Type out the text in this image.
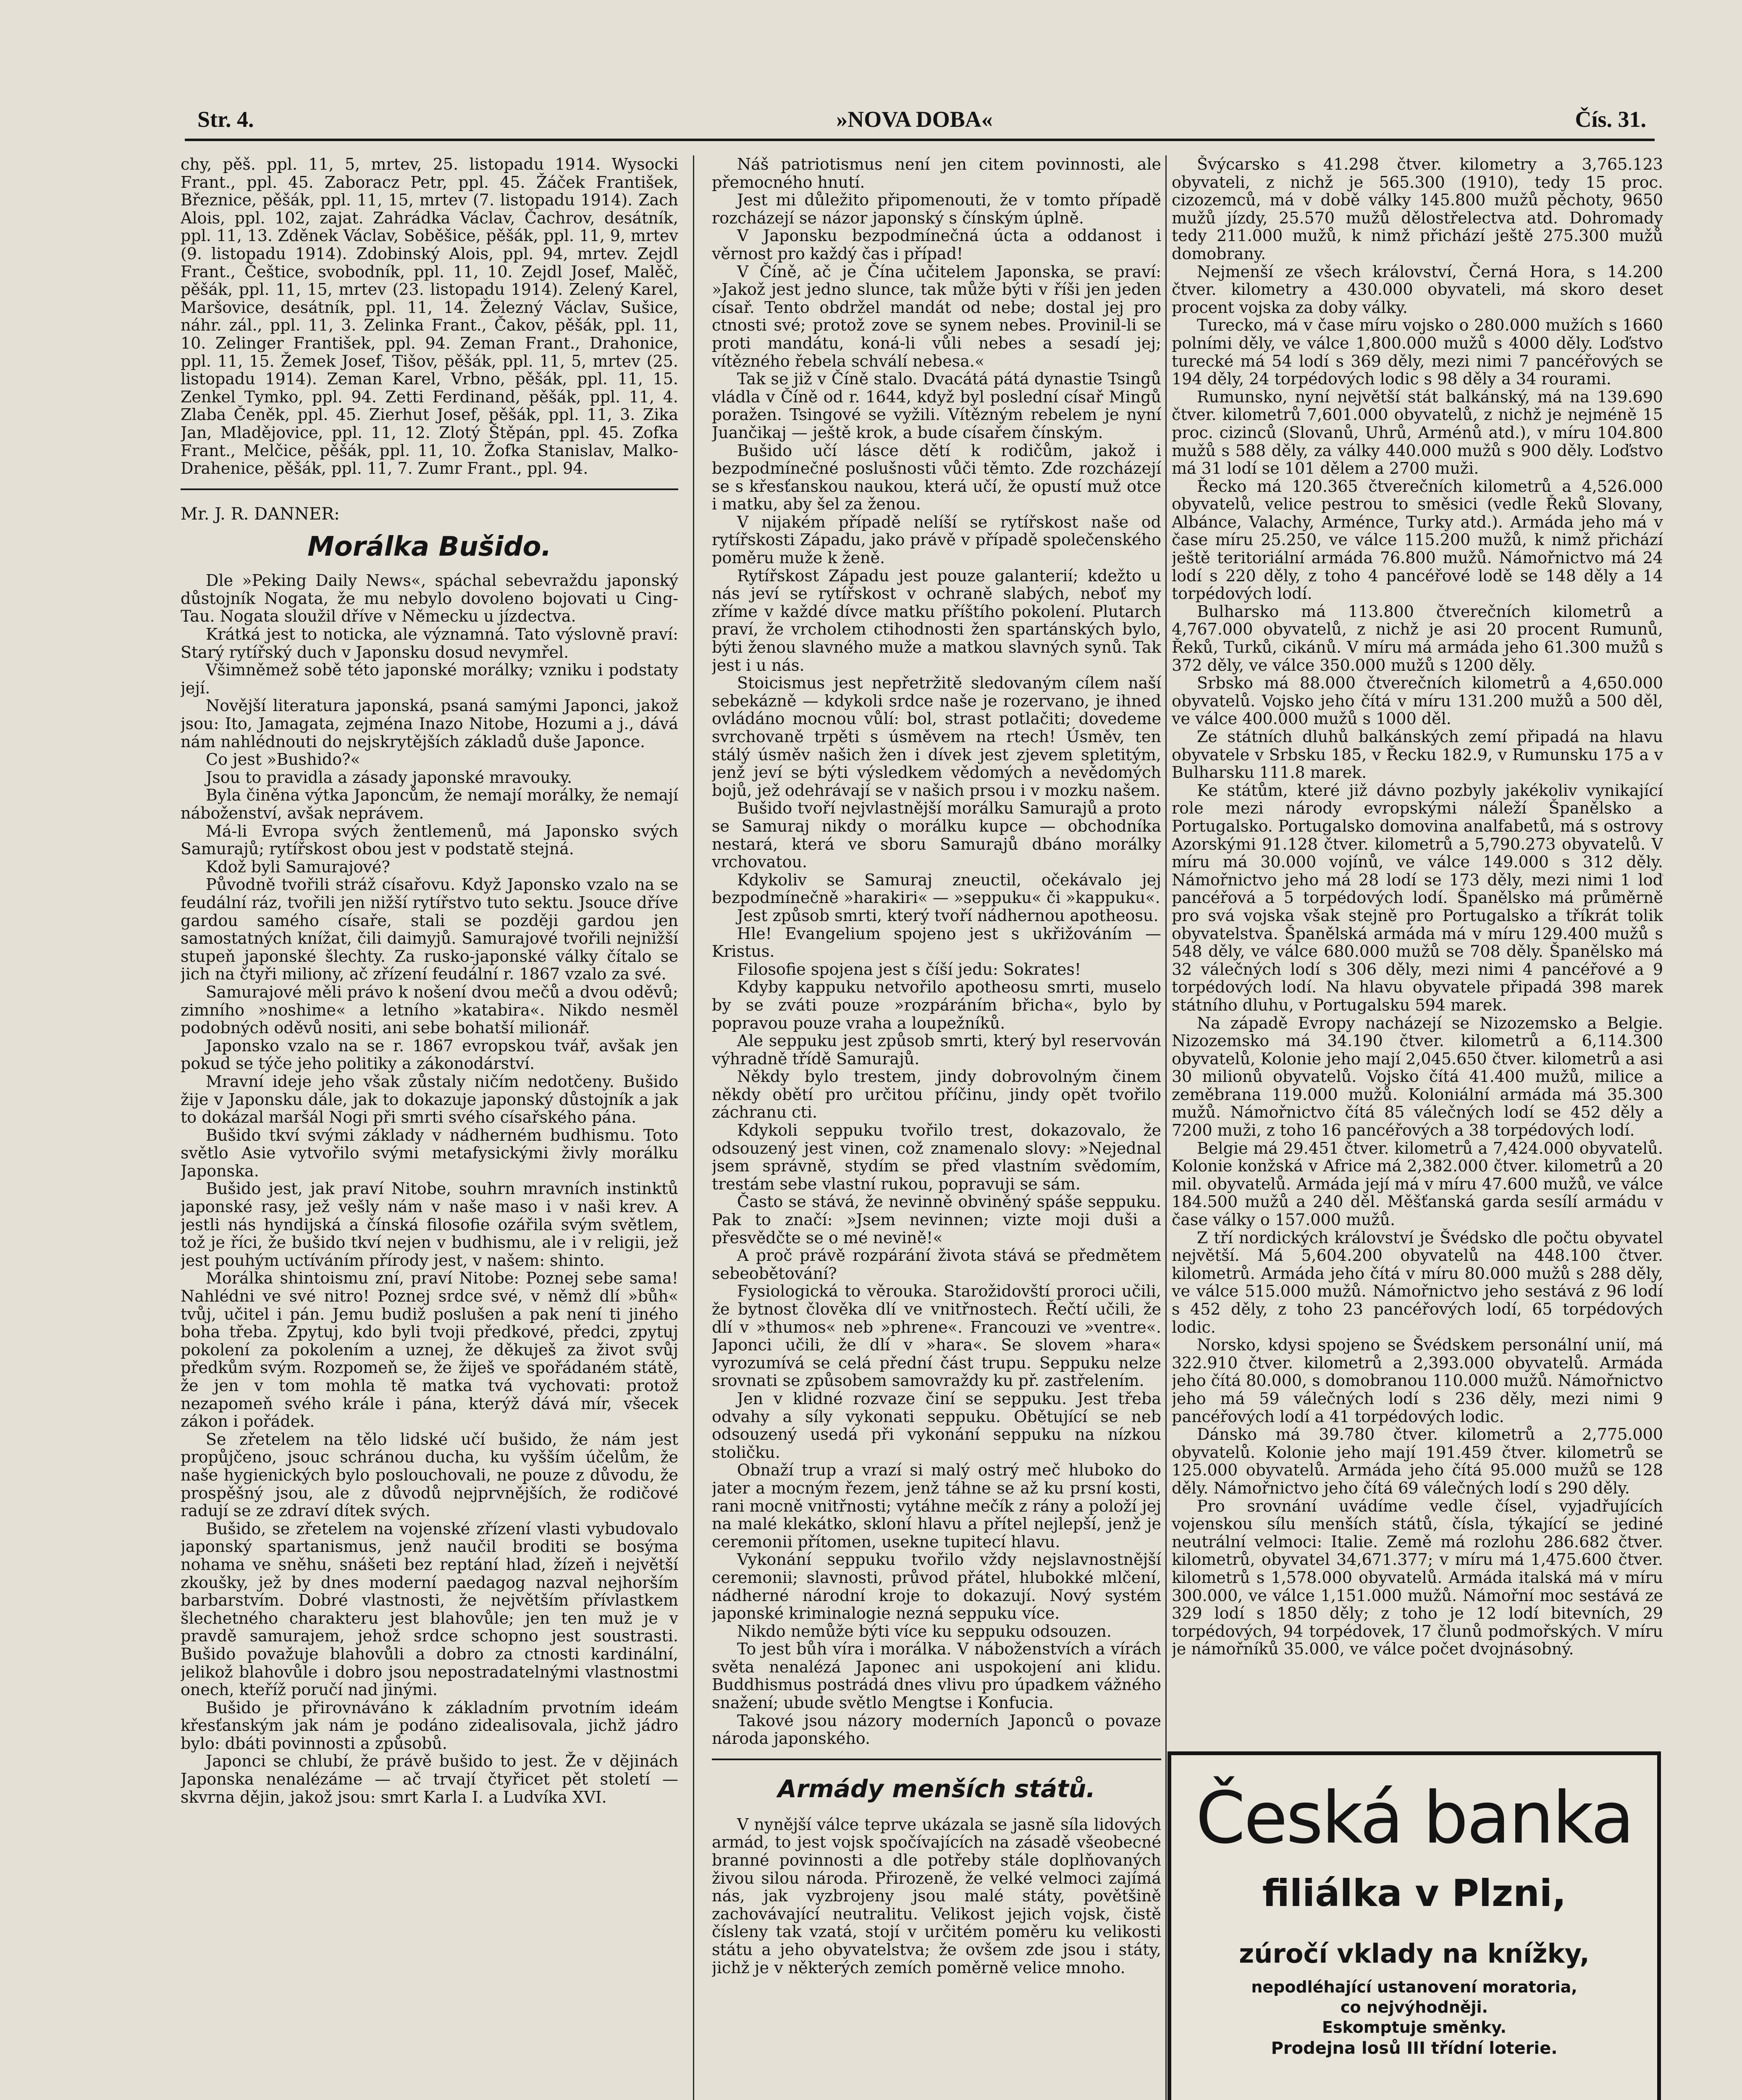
Str. 4.	»NOVA DOBA«	Čís. 31.

chy, pěš. ppl. 11, 5, mrtev, 25. listopadu 1914. Wysocki Frant., ppl. 45. Zaboracz Petr, ppl. 45. Žáček František, Březnice, pěšák, ppl. 11, 15, mrtev (7. listopadu 1914). Zach Alois, ppl. 102, zajat. Zahrádka Václav, Čachrov, desátník, ppl. 11, 13. Zděnek Václav, Soběšice, pěšák, ppl. 11, 9, mrtev (9. listopadu 1914). Zdobinský Alois, ppl. 94, mrtev. Zejdl Frant., Češtice, svobodník, ppl. 11, 10. Zejdl Josef, Malěč, pěšák, ppl. 11, 15, mrtev (23. listopadu 1914). Zelený Karel, Maršovice, desátník, ppl. 11, 14. Železný Václav, Sušice, náhr. zál., ppl. 11, 3. Zelinka Frant., Čakov, pěšák, ppl. 11, 10. Zelinger František, ppl. 94. Zeman Frant., Drahonice, ppl. 11, 15. Žemek Josef, Tišov, pěšák, ppl. 11, 5, mrtev (25. listopadu 1914). Zeman Karel, Vrbno, pěšák, ppl. 11, 15. Zenkel Tymko, ppl. 94. Zetti Ferdinand, pěšák, ppl. 11, 4. Zlaba Čeněk, ppl. 45. Zierhut Josef, pěšák, ppl. 11, 3. Zika Jan, Mladějovice, ppl. 11, 12. Zlotý Štěpán, ppl. 45. Zofka Frant., Melčice, pěšák, ppl. 11, 10. Žofka Stanislav, Malko-Drahenice, pěšák, ppl. 11, 7. Zumr Frant., ppl. 94.

Mr. J. R. DANNER:

Morálka Bušido.

Dle »Peking Daily News«, spáchal sebevraždu japonský důstojník Nogata, že mu nebylo dovoleno bojovati u Cing-Tau. Nogata sloužil dříve v Německu u jízdectva.

Krátká jest to noticka, ale významná. Tato výslovně praví: Starý rytířský duch v Japonsku dosud nevymřel.

Všimněmež sobě této japonské morálky; vzniku i podstaty její.

Novější literatura japonská, psaná samými Japonci, jakož jsou: Ito, Jamagata, zejména Inazo Nitobe, Hozumi a j., dává nám nahlédnouti do nejskrytějších základů duše Japonce.

Co jest »Bushido?«

Jsou to pravidla a zásady japonské mravouky.

Byla činěna výtka Japoncům, že nemají morálky, že nemají náboženství, avšak neprávem.

Má-li Evropa svých žentlemenů, má Japonsko svých Samurajů; rytířskost obou jest v podstatě stejná.

Kdož byli Samurajové?

Původně tvořili stráž císařovu. Když Japonsko vzalo na se feudální ráz, tvořili jen nižší rytířstvo tuto sektu. Jsouce dříve gardou samého císaře, stali se později gardou jen samostatných knížat, čili daimyjů. Samurajové tvořili nejnižší stupeň japonské šlechty. Za rusko-japonské války čítalo se jich na čtyři miliony, ač zřízení feudální r. 1867 vzalo za své.

Samurajové měli právo k nošení dvou mečů a dvou oděvů; zimního »noshime« a letního »katabira«. Nikdo nesměl podobných oděvů nositi, ani sebe bohatší milionář.

Japonsko vzalo na se r. 1867 evropskou tvář, avšak jen pokud se týče jeho politiky a zákonodárství.

Mravní ideje jeho však zůstaly ničím nedotčeny. Bušido žije v Japonsku dále, jak to dokazuje japonský důstojník a jak to dokázal maršál Nogi při smrti svého císařského pána.

Bušido tkví svými základy v nádherném budhismu. Toto světlo Asie vytvořilo svými metafysickými živly morálku Japonska.

Bušido jest, jak praví Nitobe, souhrn mravních instinktů japonské rasy, jež vešly nám v naše maso i v naši krev. A jestli nás hyndijská a čínská filosofie ozářila svým světlem, tož je říci, že bušido tkví nejen v budhismu, ale i v religii, jež jest pouhým uctíváním přírody jest, v našem: shinto.

Morálka shintoismu zní, praví Nitobe: Poznej sebe sama! Nahlédni ve své nitro! Poznej srdce své, v němž dlí »bůh« tvůj, učitel i pán. Jemu budiž poslušen a pak není ti jiného boha třeba. Zpytuj, kdo byli tvoji předkové, předci, zpytuj pokolení za pokolením a uznej, že děkuješ za život svůj předkům svým. Rozpomeň se, že žiješ ve spořádaném státě, že jen v tom mohla tě matka tvá vychovati: protož nezapomeň svého krále i pána, kterýž dává mír, všecek zákon i pořádek.

Se zřetelem na tělo lidské učí bušido, že nám jest propůjčeno, jsouc schránou ducha, ku vyšším účelům, že naše hygienických bylo poslouchovali, ne pouze z důvodu, že prospěšný jsou, ale z důvodů nejprvnějších, že rodičové radují se ze zdraví dítek svých.

Bušido, se zřetelem na vojenské zřízení vlasti vybudovalo japonský spartanismus, jenž naučil broditi se bosýma nohama ve sněhu, snášeti bez reptání hlad, žízeň i největší zkoušky, jež by dnes moderní paedagog nazval nejhorším barbarstvím. Dobré vlastnosti, že největším přívlastkem šlechetného charakteru jest blahovůle; jen ten muž je v pravdě samurajem, jehož srdce schopno jest soustrasti. Bušido považuje blahovůli a dobro za ctnosti kardinální, jelikož blahovůle i dobro jsou nepostradatelnými vlastnostmi onech, kteříž poručí nad jinými.

Bušido je přirovnáváno k základním prvotním ideám křesťanským jak nám je podáno zidealisovala, jichž jádro bylo: dbáti povinnosti a způsobů.

Japonci se chlubí, že právě bušido to jest. Že v dějinách Japonska nenalézáme — ač trvají čtyřicet pět století — skvrna dějin, jakož jsou: smrt Karla I. a Ludvíka XVI.

Náš patriotismus není jen citem povinnosti, ale přemocného hnutí.

Jest mi důležito připomenouti, že v tomto případě rozcházejí se názor japonský s čínským úplně.

V Japonsku bezpodmínečná úcta a oddanost i věrnost pro každý čas i případ!

V Číně, ač je Čína učitelem Japonska, se praví: »Jakož jest jedno slunce, tak může býti v říši jen jeden císař. Tento obdržel mandát od nebe; dostal jej pro ctnosti své; protož zove se synem nebes. Provinil-li se proti mandátu, koná-li vůli nebes a sesadí jej; vítězného řebela schválí nebesa.«

Tak se již v Číně stalo. Dvacátá pátá dynastie Tsingů vládla v Číně od r. 1644, když byl poslední císař Mingů poražen. Tsingové se vyžili. Vítězným rebelem je nyní Juančikaj — ještě krok, a bude císařem čínským.

Bušido učí lásce dětí k rodičům, jakož i bezpodmínečné poslušnosti vůči těmto. Zde rozcházejí se s křesťanskou naukou, která učí, že opustí muž otce i matku, aby šel za ženou.

V nijakém případě nelíší se rytířskost naše od rytířskosti Západu, jako právě v případě společenského poměru muže k ženě.

Rytířskost Západu jest pouze galanterií; kdežto u nás jeví se rytířskost v ochraně slabých, neboť my zříme v každé dívce matku příštího pokolení. Plutarch praví, že vrcholem ctihodnosti žen spartánských bylo, býti ženou slavného muže a matkou slavných synů. Tak jest i u nás.

Stoicismus jest nepřetržitě sledovaným cílem naší sebekázně — kdykoli srdce naše je rozervano, je ihned ovládáno mocnou vůlí: bol, strast potlačiti; dovedeme svrchovaně trpěti s úsměvem na rtech! Úsměv, ten stálý úsměv našich žen i dívek jest zjevem spletitým, jenž jeví se býti výsledkem vědomých a nevědomých bojů, jež odehrávají se v našich prsou i v mozku našem.

Bušido tvoří nejvlastnější morálku Samurajů a proto se Samuraj nikdy o morálku kupce — obchodníka nestará, která ve sboru Samurajů dbáno morálky vrchovatou.

Kdykoliv se Samuraj zneuctil, očekávalo jej bezpodmínečně »harakiri« — »seppuku« či »kappuku«.

Jest způsob smrti, který tvoří nádhernou apotheosu.

Hle! Evangelium spojeno jest s ukřižováním — Kristus.

Filosofie spojena jest s číší jedu: Sokrates!

Kdyby kappuku netvořilo apotheosu smrti, muselo by se zváti pouze »rozpáráním břicha«, bylo by popravou pouze vraha a loupežníků.

Ale seppuku jest způsob smrti, který byl reservován výhradně třídě Samurajů.

Někdy bylo trestem, jindy dobrovolným činem někdy obětí pro určitou příčinu, jindy opět tvořilo záchranu cti.

Kdykoli seppuku tvořilo trest, dokazovalo, že odsouzený jest vinen, což znamenalo slovy: »Nejednal jsem správně, stydím se před vlastním svědomím, trestám sebe vlastní rukou, popravuji se sám.

Často se stává, že nevinně obviněný spáše seppuku. Pak to značí: »Jsem nevinnen; vizte moji duši a přesvědčte se o mé nevině!«

A proč právě rozpárání života stává se předmětem sebeobětování?

Fysiologická to věrouka. Starožidovští proroci učili, že bytnost člověka dlí ve vnitřnostech. Řečtí učili, že dlí v »thumos« neb »phrene«. Francouzi ve »ventre«. Japonci učili, že dlí v »hara«. Se slovem »hara« vyrozumívá se celá přední část trupu. Seppuku nelze srovnati se způsobem samovraždy ku př. zastřelením.

Jen v klidné rozvaze činí se seppuku. Jest třeba odvahy a síly vykonati seppuku. Obětující se neb odsouzený usedá při vykonání seppuku na nízkou stoličku.

Obnaží trup a vrazí si malý ostrý meč hluboko do jater a mocným řezem, jenž táhne se až ku prsní kosti, rani mocně vnitřnosti; vytáhne mečík z rány a položí jej na malé klekátko, skloní hlavu a přítel nejlepší, jenž je ceremonii přítomen, usekne tupitecí hlavu.

Vykonání seppuku tvořilo vždy nejslavnostnější ceremonii; slavnosti, průvod přátel, hlubokké mlčení, nádherné národní kroje to dokazují. Nový systém japonské kriminalogie nezná seppuku více.

Nikdo nemůže býti více ku seppuku odsouzen.

To jest bůh víra i morálka. V náboženstvích a vírách světa nenalézá Japonec ani uspokojení ani klidu. Buddhismus postrádá dnes vlivu pro úpadkem vážného snažení; ubude světlo Mengtse i Konfucia.

Takové jsou názory moderních Japonců o povaze národa japonského.

Armády menších států.

V nynější válce teprve ukázala se jasně síla lidových armád, to jest vojsk spočívajících na zásadě všeobecné branné povinnosti a dle potřeby stále doplňovaných živou silou národa. Přirozeně, že velké velmoci zajímá nás, jak vyzbrojeny jsou malé státy, povětšině zachovávající neutralitu. Velikost jejich vojsk, čistě čísleny tak vzatá, stojí v určitém poměru ku velikosti státu a jeho obyvatelstva; že ovšem zde jsou i státy, jichž je v některých zemích poměrně velice mnoho.

Švýcarsko s 41.298 čtver. kilometry a 3,765.123 obyvateli, z nichž je 565.300 (1910), tedy 15 proc. cizozemců, má v době války 145.800 mužů pěchoty, 9650 mužů jízdy, 25.570 mužů dělostřelectva atd. Dohromady tedy 211.000 mužů, k nimž přichází ještě 275.300 mužů domobrany.

Nejmenší ze všech království, Černá Hora, s 14.200 čtver. kilometry a 430.000 obyvateli, má skoro deset procent vojska za doby války.

Turecko, má v čase míru vojsko o 280.000 mužích s 1660 polními děly, ve válce 1,800.000 mužů s 4000 děly. Loďstvo turecké má 54 lodí s 369 děly, mezi nimi 7 pancéřových se 194 děly, 24 torpédových lodic s 98 děly a 34 rourami.

Rumunsko, nyní největší stát balkánský, má na 139.690 čtver. kilometrů 7,601.000 obyvatelů, z nichž je nejméně 15 proc. cizinců (Slovanů, Uhrů, Arménů atd.), v míru 104.800 mužů s 588 děly, za války 440.000 mužů s 900 děly. Loďstvo má 31 lodí se 101 dělem a 2700 muži.

Řecko má 120.365 čtverečních kilometrů a 4,526.000 obyvatelů, velice pestrou to směsici (vedle Řeků Slovany, Albánce, Valachy, Arménce, Turky atd.). Armáda jeho má v čase míru 25.250, ve válce 115.200 mužů, k nimž přichází ještě teritoriální armáda 76.800 mužů. Námořnictvo má 24 lodí s 220 děly, z toho 4 pancéřové lodě se 148 děly a 14 torpédových lodí.

Bulharsko má 113.800 čtverečních kilometrů a 4,767.000 obyvatelů, z nichž je asi 20 procent Rumunů, Řeků, Turků, cikánů. V míru má armáda jeho 61.300 mužů s 372 děly, ve válce 350.000 mužů s 1200 děly.

Srbsko má 88.000 čtverečních kilometrů a 4,650.000 obyvatelů. Vojsko jeho čítá v míru 131.200 mužů a 500 děl, ve válce 400.000 mužů s 1000 děl.

Ze státních dluhů balkánských zemí připadá na hlavu obyvatele v Srbsku 185, v Řecku 182.9, v Rumunsku 175 a v Bulharsku 111.8 marek.

Ke státům, které již dávno pozbyly jakékoliv vynikající role mezi národy evropskými náleží Španělsko a Portugalsko. Portugalsko domovina analfabetů, má s ostrovy Azorskými 91.128 čtver. kilometrů a 5,790.273 obyvatelů. V míru má 30.000 vojínů, ve válce 149.000 s 312 děly. Námořnictvo jeho má 28 lodí se 173 děly, mezi nimi 1 loď pancéřová a 5 torpédových lodí. Španělsko má průměrně pro svá vojska však stejně pro Portugalsko a tříkrát tolik obyvatelstva. Španělská armáda má v míru 129.400 mužů s 548 děly, ve válce 680.000 mužů se 708 děly. Španělsko má 32 válečných lodí s 306 děly, mezi nimi 4 pancéřové a 9 torpédových lodí. Na hlavu obyvatele připadá 398 marek státního dluhu, v Portugalsku 594 marek.

Na západě Evropy nacházejí se Nizozemsko a Belgie. Nizozemsko má 34.190 čtver. kilometrů a 6,114.300 obyvatelů, Kolonie jeho mají 2,045.650 čtver. kilometrů a asi 30 milionů obyvatelů. Vojsko čítá 41.400 mužů, milice a zeměbrana 119.000 mužů. Koloniální armáda má 35.300 mužů. Námořnictvo čítá 85 válečných lodí se 452 děly a 7200 muži, z toho 16 pancéřových a 38 torpédových lodí.

Belgie má 29.451 čtver. kilometrů a 7,424.000 obyvatelů. Kolonie konžská v Africe má 2,382.000 čtver. kilometrů a 20 mil. obyvatelů. Armáda její má v míru 47.600 mužů, ve válce 184.500 mužů a 240 děl. Měšťanská garda sesílí armádu v čase války o 157.000 mužů.

Z tří nordických království je Švédsko dle počtu obyvatel největší. Má 5,604.200 obyvatelů na 448.100 čtver. kilometrů. Armáda jeho čítá v míru 80.000 mužů s 288 děly, ve válce 515.000 mužů. Námořnictvo jeho sestává z 96 lodí s 452 děly, z toho 23 pancéřových lodí, 65 torpédových lodic.

Norsko, kdysi spojeno se Švédskem personální unií, má 322.910 čtver. kilometrů a 2,393.000 obyvatelů. Armáda jeho čítá 80.000, s domobranou 110.000 mužů. Námořnictvo jeho má 59 válečných lodí s 236 děly, mezi nimi 9 pancéřových lodí a 41 torpédových lodic.

Dánsko má 39.780 čtver. kilometrů a 2,775.000 obyvatelů. Kolonie jeho mají 191.459 čtver. kilometrů se 125.000 obyvatelů. Armáda jeho čítá 95.000 mužů se 128 děly. Námořnictvo jeho čítá 69 válečných lodí s 290 děly.

Pro srovnání uvádíme vedle čísel, vyjadřujících vojenskou sílu menších států, čísla, týkající se jediné neutrální velmoci: Italie. Země má rozlohu 286.682 čtver. kilometrů, obyvatel 34,671.377; v míru má 1,475.600 čtver. kilometrů s 1,578.000 obyvatelů. Armáda italská má v míru 300.000, ve válce 1,151.000 mužů. Námořní moc sestává ze 329 lodí s 1850 děly; z toho je 12 lodí bitevních, 29 torpédových, 94 torpédovek, 17 člunů podmořských. V míru je námořníků 35.000, ve válce počet dvojnásobný.

Česká banka
filiálka v Plzni,
zúročí vklady na knížky,
nepodléhající ustanovení moratoria,
co nejvýhodněji.
Eskomptuje směnky.
Prodejna losů III třídní loterie.
